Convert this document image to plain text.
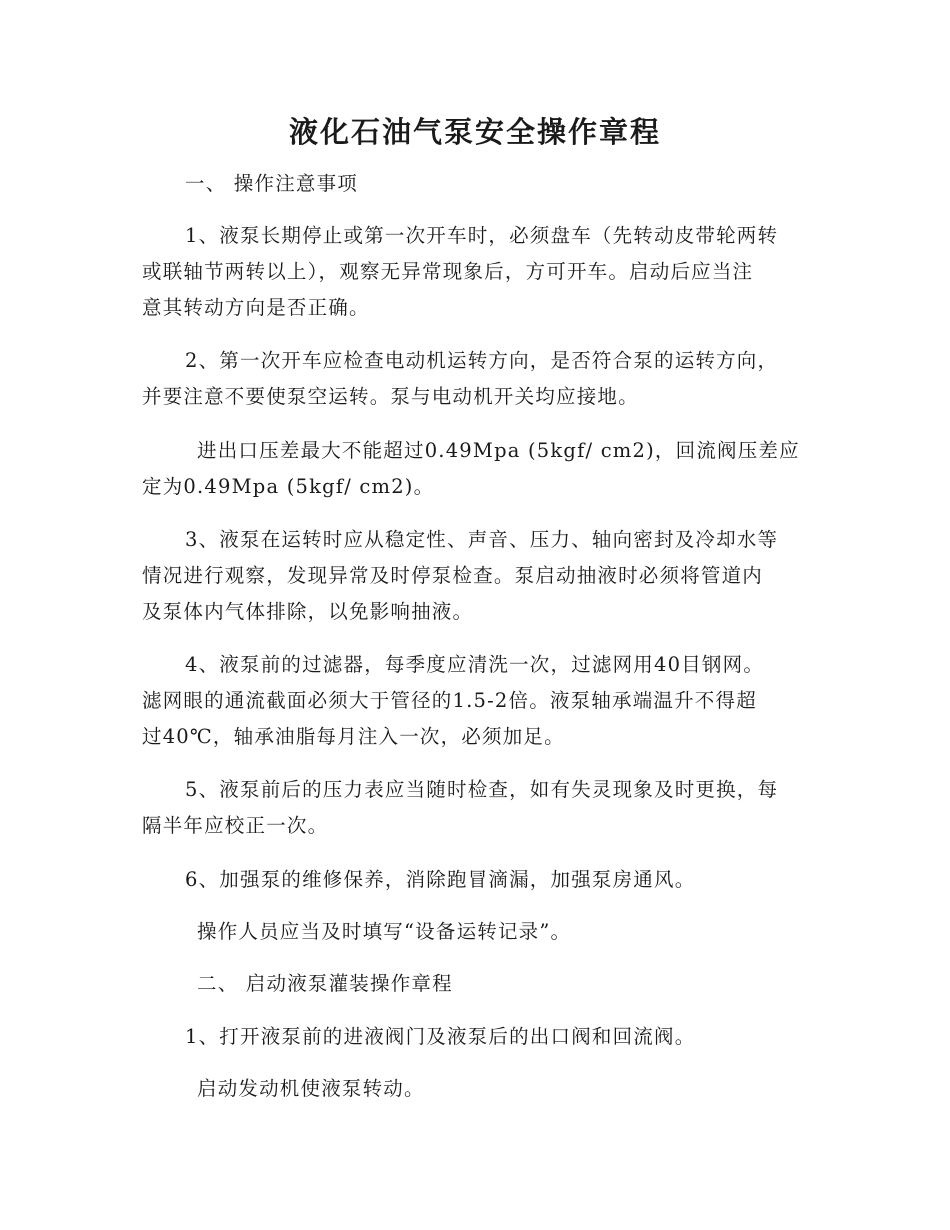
液化石油气泵安全操作章程

一、 操作注意事项

1、液泵长期停止或第一次开车时，必须盘车（先转动皮带轮两转

或联轴节两转以上），观察无异常现象后，方可开车。启动后应当注

意其转动方向是否正确。

2、第一次开车应检查电动机运转方向，是否符合泵的运转方向，

并要注意不要使泵空运转。泵与电动机开关均应接地。

进出口压差最大不能超过0.49Mpa (5kgf/ cm2)，回流阀压差应

定为0.49Mpa (5kgf/ cm2)。

3、液泵在运转时应从稳定性、声音、压力、轴向密封及冷却水等

情况进行观察，发现异常及时停泵检查。泵启动抽液时必须将管道内

及泵体内气体排除，以免影响抽液。

4、液泵前的过滤器，每季度应清洗一次，过滤网用40目钢网。

滤网眼的通流截面必须大于管径的1.5-2倍。液泵轴承端温升不得超

过40℃，轴承油脂每月注入一次，必须加足。

5、液泵前后的压力表应当随时检查，如有失灵现象及时更换，每

隔半年应校正一次。

6、加强泵的维修保养，消除跑冒滴漏，加强泵房通风。

操作人员应当及时填写“设备运转记录”。

二、 启动液泵灌装操作章程

1、打开液泵前的进液阀门及液泵后的出口阀和回流阀。

启动发动机使液泵转动。
